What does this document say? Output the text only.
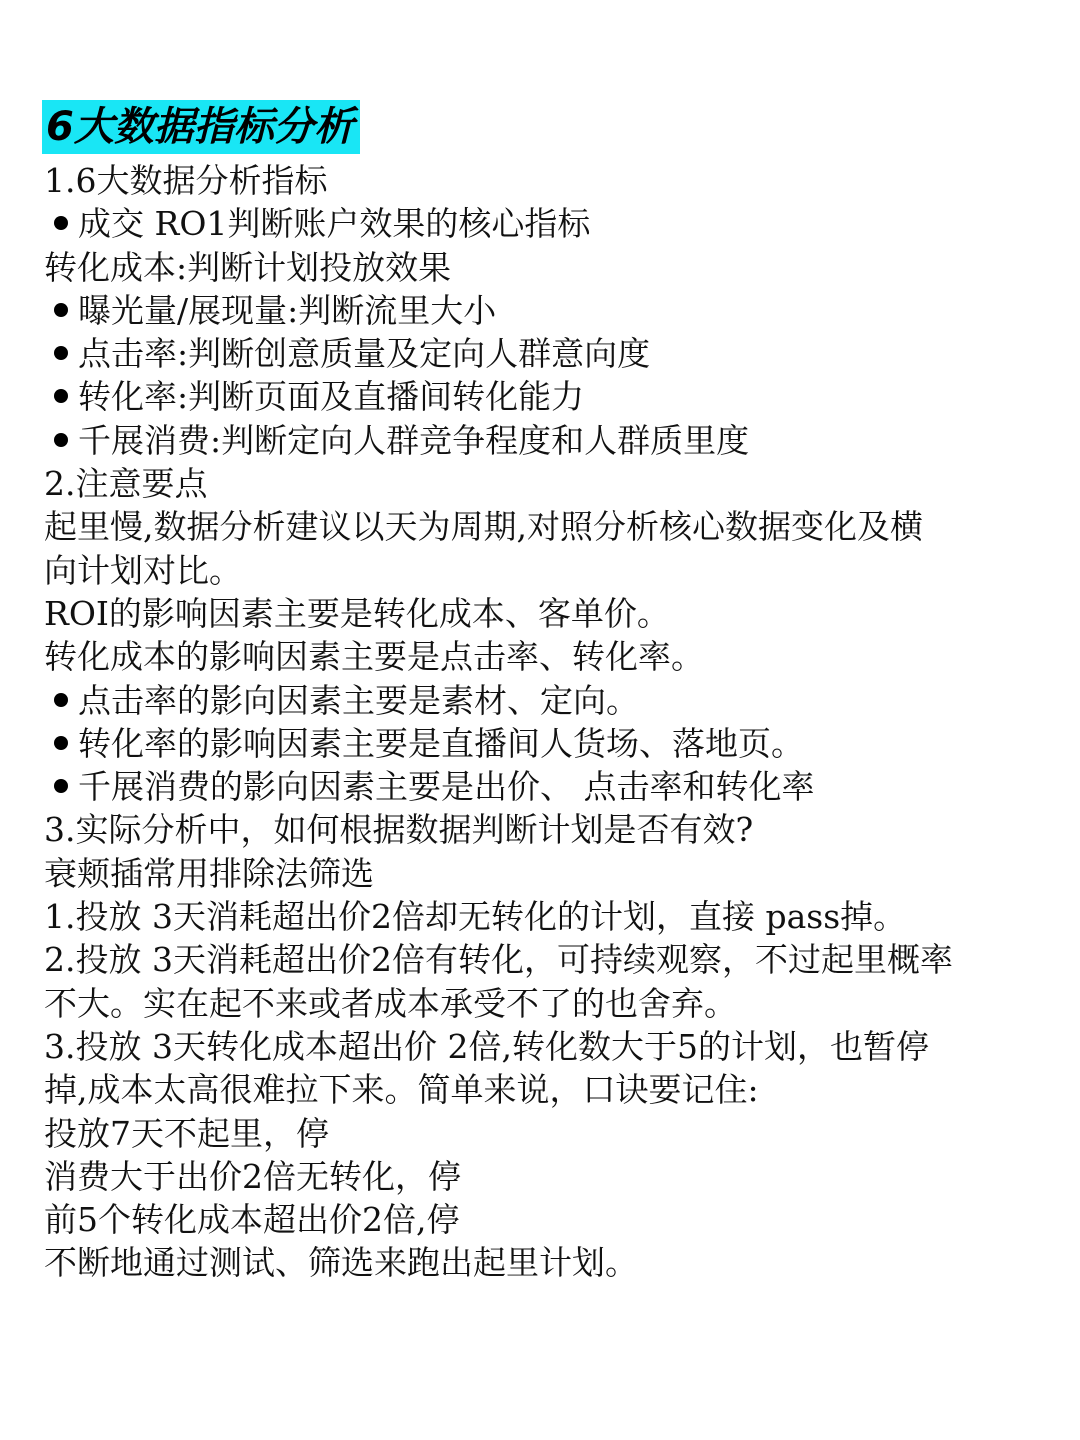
6大数据指标分析

1.6大数据分析指标

成交 RO1判断账户效果的核心指标

转化成本:判断计划投放效果

曝光量/展现量:判断流里大小

点击率:判断创意质量及定向人群意向度

转化率:判断页面及直播间转化能力

千展消费:判断定向人群竞争程度和人群质里度

2.注意要点

起里慢,数据分析建议以天为周期,对照分析核心数据变化及横

向计划对比。

ROI的影响因素主要是转化成本、客单价。

转化成本的影响因素主要是点击率、转化率。

点击率的影向因素主要是素材、定向。

转化率的影响因素主要是直播间人货场、落地页。

千展消费的影向因素主要是出价、 点击率和转化率

3.实际分析中，如何根据数据判断计划是否有效?

衰颊插常用排除法筛选

1.投放 3天消耗超出价2倍却无转化的计划，直接 pass掉。

2.投放 3天消耗超出价2倍有转化，可持续观察，不过起里概率

不大。实在起不来或者成本承受不了的也舍弃。

3.投放 3天转化成本超出价 2倍,转化数大于5的计划，也暂停

掉,成本太高很难拉下来。简单来说，口诀要记住:

投放7天不起里，停

消费大于出价2倍无转化，停

前5个转化成本超出价2倍,停

不断地通过测试、筛选来跑出起里计划。
